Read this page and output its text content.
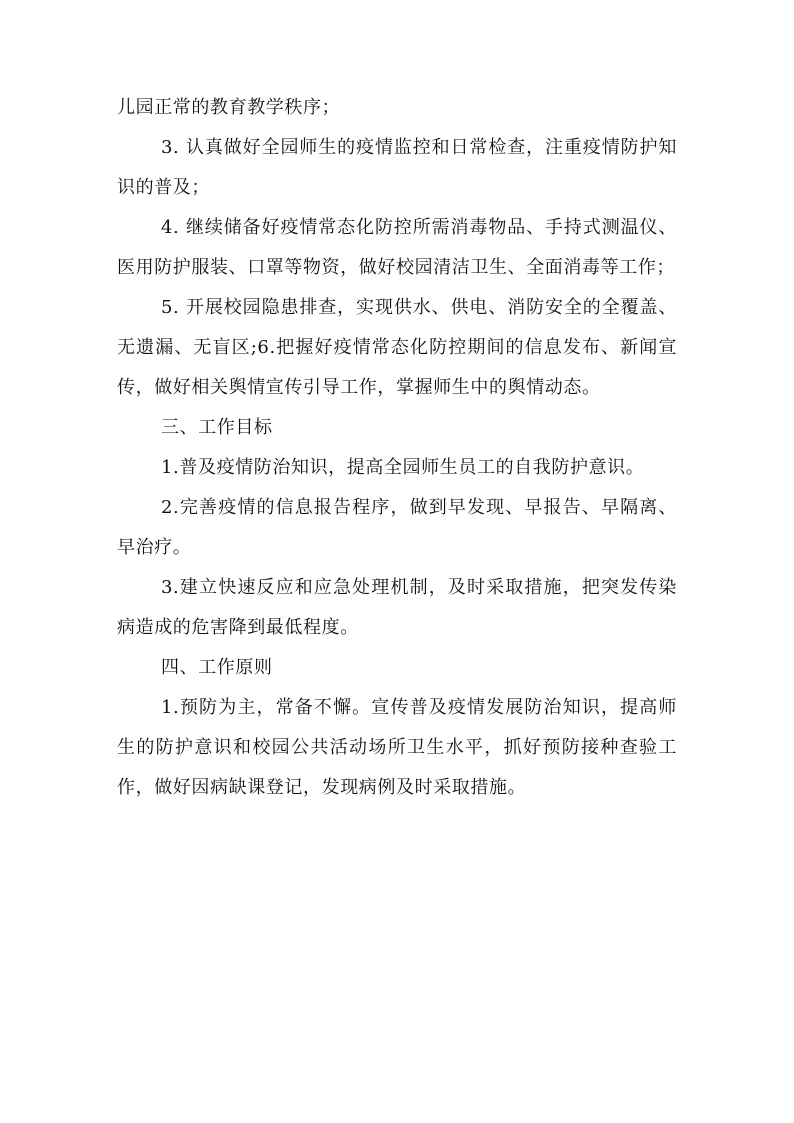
儿园正常的教育教学秩序；

3. 认真做好全园师生的疫情监控和日常检查，注重疫情防护知识的普及；

4. 继续储备好疫情常态化防控所需消毒物品、手持式测温仪、医用防护服装、口罩等物资，做好校园清洁卫生、全面消毒等工作；

5. 开展校园隐患排查，实现供水、供电、消防安全的全覆盖、无遗漏、无盲区;6.把握好疫情常态化防控期间的信息发布、新闻宣传，做好相关舆情宣传引导工作，掌握师生中的舆情动态。

三、工作目标

1.普及疫情防治知识，提高全园师生员工的自我防护意识。

2.完善疫情的信息报告程序，做到早发现、早报告、早隔离、早治疗。

3.建立快速反应和应急处理机制，及时采取措施，把突发传染病造成的危害降到最低程度。

四、工作原则

1.预防为主，常备不懈。宣传普及疫情发展防治知识，提高师生的防护意识和校园公共活动场所卫生水平，抓好预防接种查验工作，做好因病缺课登记，发现病例及时采取措施。
